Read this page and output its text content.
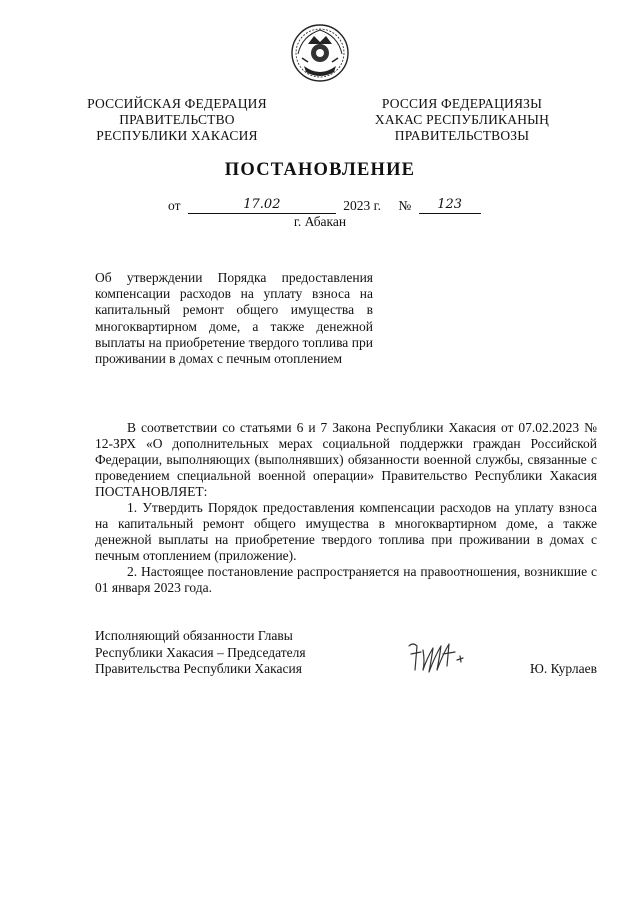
РОССИЙСКАЯ ФЕДЕРАЦИЯ
ПРАВИТЕЛЬСТВО
РЕСПУБЛИКИ ХАКАСИЯ
РОССИЯ ФЕДЕРАЦИЯЗЫ
ХАКАС РЕСПУБЛИКАНЫҢ
ПРАВИТЕЛЬСТВОЗЫ
ПОСТАНОВЛЕНИЕ
от	17.02	2023 г. № 123
г. Абакан
Об утверждении Порядка предоставления компенсации расходов на уплату взноса на капитальный ремонт общего имущества в многоквартирном доме, а также денежной выплаты на приобретение твердого топлива при проживании в домах с печным отоплением

В соответствии со статьями 6 и 7 Закона Республики Хакасия от 07.02.2023 № 12-ЗРХ «О дополнительных мерах социальной поддержки граждан Российской Федерации, выполняющих (выполнявших) обязанности военной службы, связанные с проведением специальной военной операции» Правительство Республики Хакасия ПОСТАНОВЛЯЕТ:

1. Утвердить Порядок предоставления компенсации расходов на уплату взноса на капитальный ремонт общего имущества в многоквартирном доме, а также денежной выплаты на приобретение твердого топлива при проживании в домах с печным отоплением (приложение).

2. Настоящее постановление распространяется на правоотношения, возникшие с 01 января 2023 года.

Исполняющий обязанности Главы
Республики Хакасия – Председателя
Правительства Республики Хакасия	Ю. Курлаев
